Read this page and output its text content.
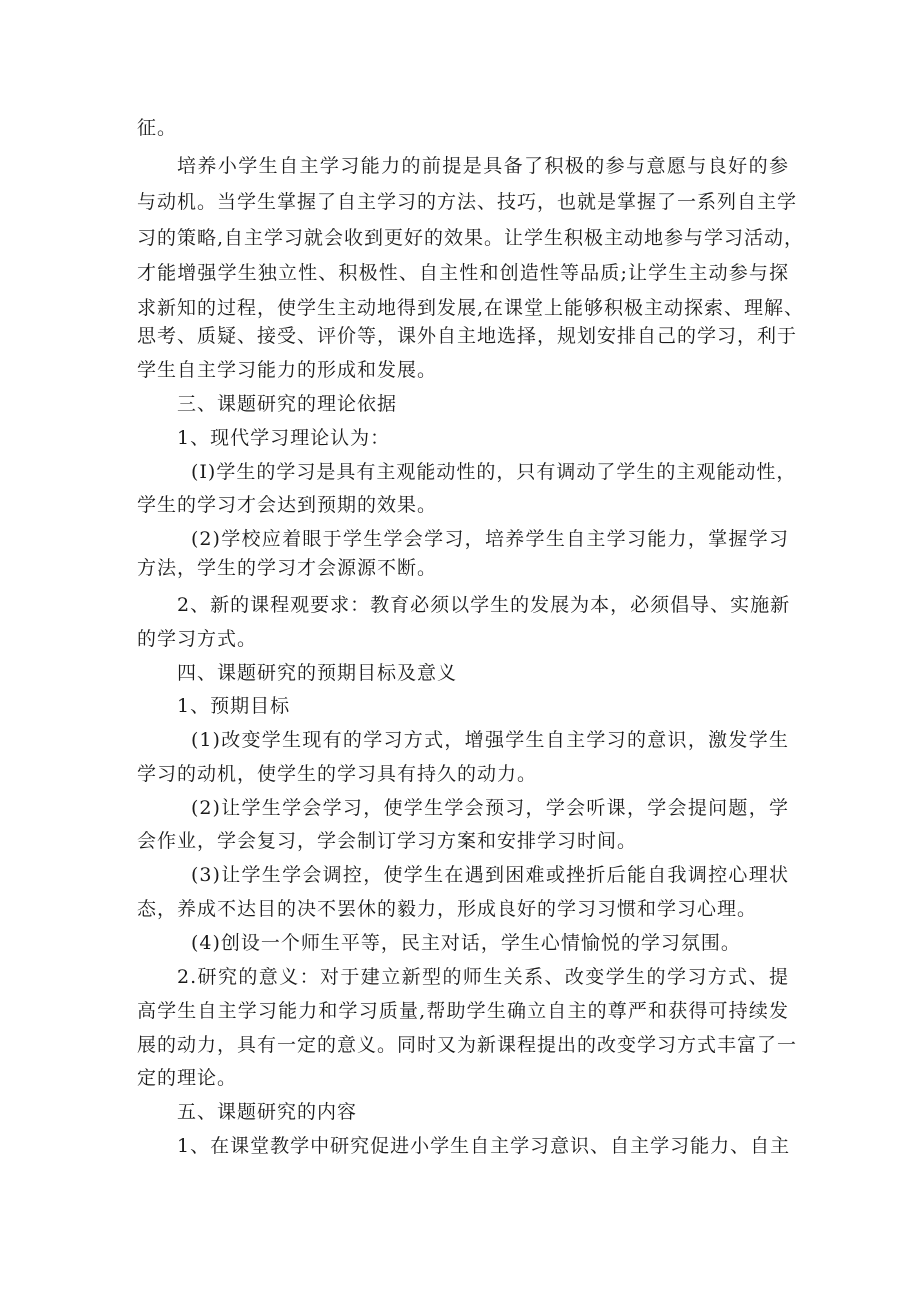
征。
培养小学生自主学习能力的前提是具备了积极的参与意愿与良好的参
与动机。当学生掌握了自主学习的方法、技巧，也就是掌握了一系列自主学
习的策略,自主学习就会收到更好的效果。让学生积极主动地参与学习活动，
才能增强学生独立性、积极性、自主性和创造性等品质;让学生主动参与探
求新知的过程，使学生主动地得到发展,在课堂上能够积极主动探索、理解、
思考、质疑、接受、评价等，课外自主地选择，规划安排自己的学习，利于
学生自主学习能力的形成和发展。
三、课题研究的理论依据
1、现代学习理论认为：
(I)学生的学习是具有主观能动性的，只有调动了学生的主观能动性，
学生的学习才会达到预期的效果。
(2)学校应着眼于学生学会学习，培养学生自主学习能力，掌握学习
方法，学生的学习才会源源不断。
2、新的课程观要求：教育必须以学生的发展为本，必须倡导、实施新
的学习方式。
四、课题研究的预期目标及意义
1、预期目标
(1)改变学生现有的学习方式，增强学生自主学习的意识，激发学生
学习的动机，使学生的学习具有持久的动力。
(2)让学生学会学习，使学生学会预习，学会听课，学会提问题，学
会作业，学会复习，学会制订学习方案和安排学习时间。
(3)让学生学会调控，使学生在遇到困难或挫折后能自我调控心理状
态，养成不达目的决不罢休的毅力，形成良好的学习习惯和学习心理。
(4)创设一个师生平等，民主对话，学生心情愉悦的学习氛围。
2.研究的意义：对于建立新型的师生关系、改变学生的学习方式、提
高学生自主学习能力和学习质量,帮助学生确立自主的尊严和获得可持续发
展的动力，具有一定的意义。同时又为新课程提出的改变学习方式丰富了一
定的理论。
五、课题研究的内容
1、在课堂教学中研究促进小学生自主学习意识、自主学习能力、自主
